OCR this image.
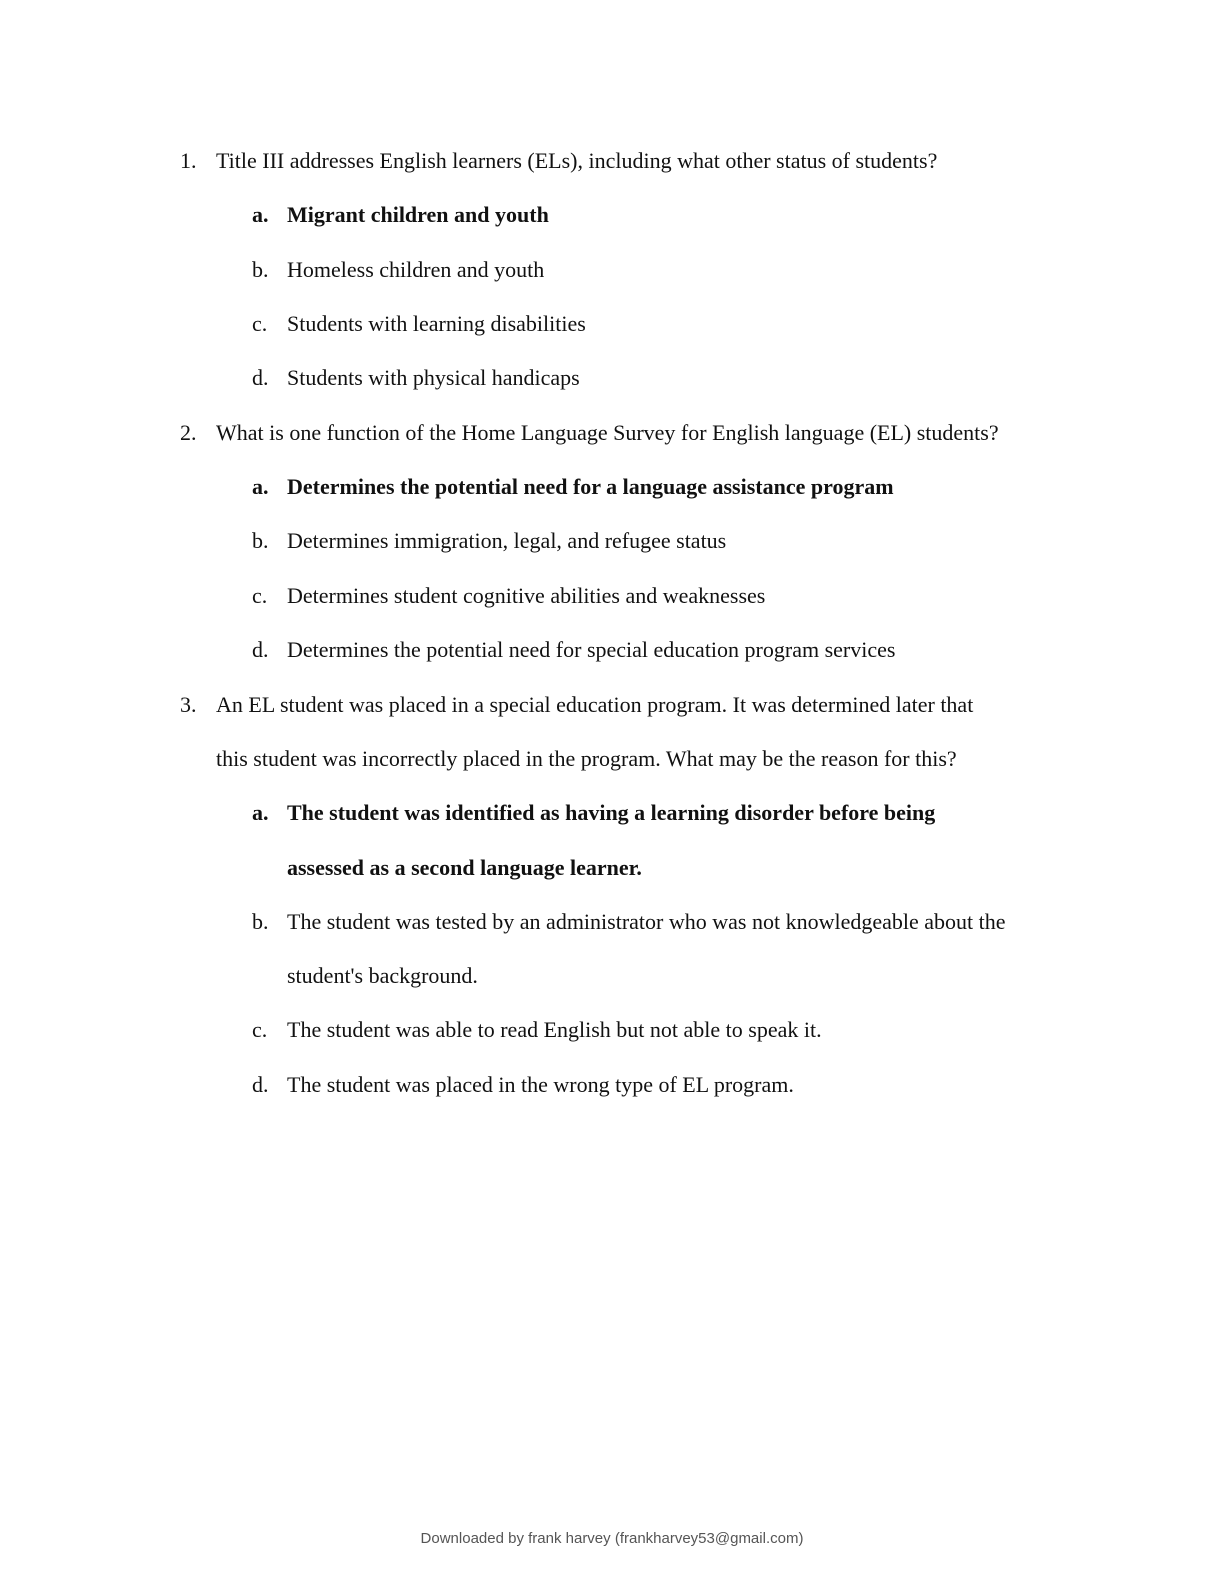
1. Title III addresses English learners (ELs), including what other status of students?
a. Migrant children and youth
b. Homeless children and youth
c. Students with learning disabilities
d. Students with physical handicaps
2. What is one function of the Home Language Survey for English language (EL) students?
a. Determines the potential need for a language assistance program
b. Determines immigration, legal, and refugee status
c. Determines student cognitive abilities and weaknesses
d. Determines the potential need for special education program services
3. An EL student was placed in a special education program. It was determined later that
this student was incorrectly placed in the program. What may be the reason for this?
a. The student was identified as having a learning disorder before being
assessed as a second language learner.
b. The student was tested by an administrator who was not knowledgeable about the
student's background.
c. The student was able to read English but not able to speak it.
d. The student was placed in the wrong type of EL program.
Downloaded by frank harvey (frankharvey53@gmail.com)
